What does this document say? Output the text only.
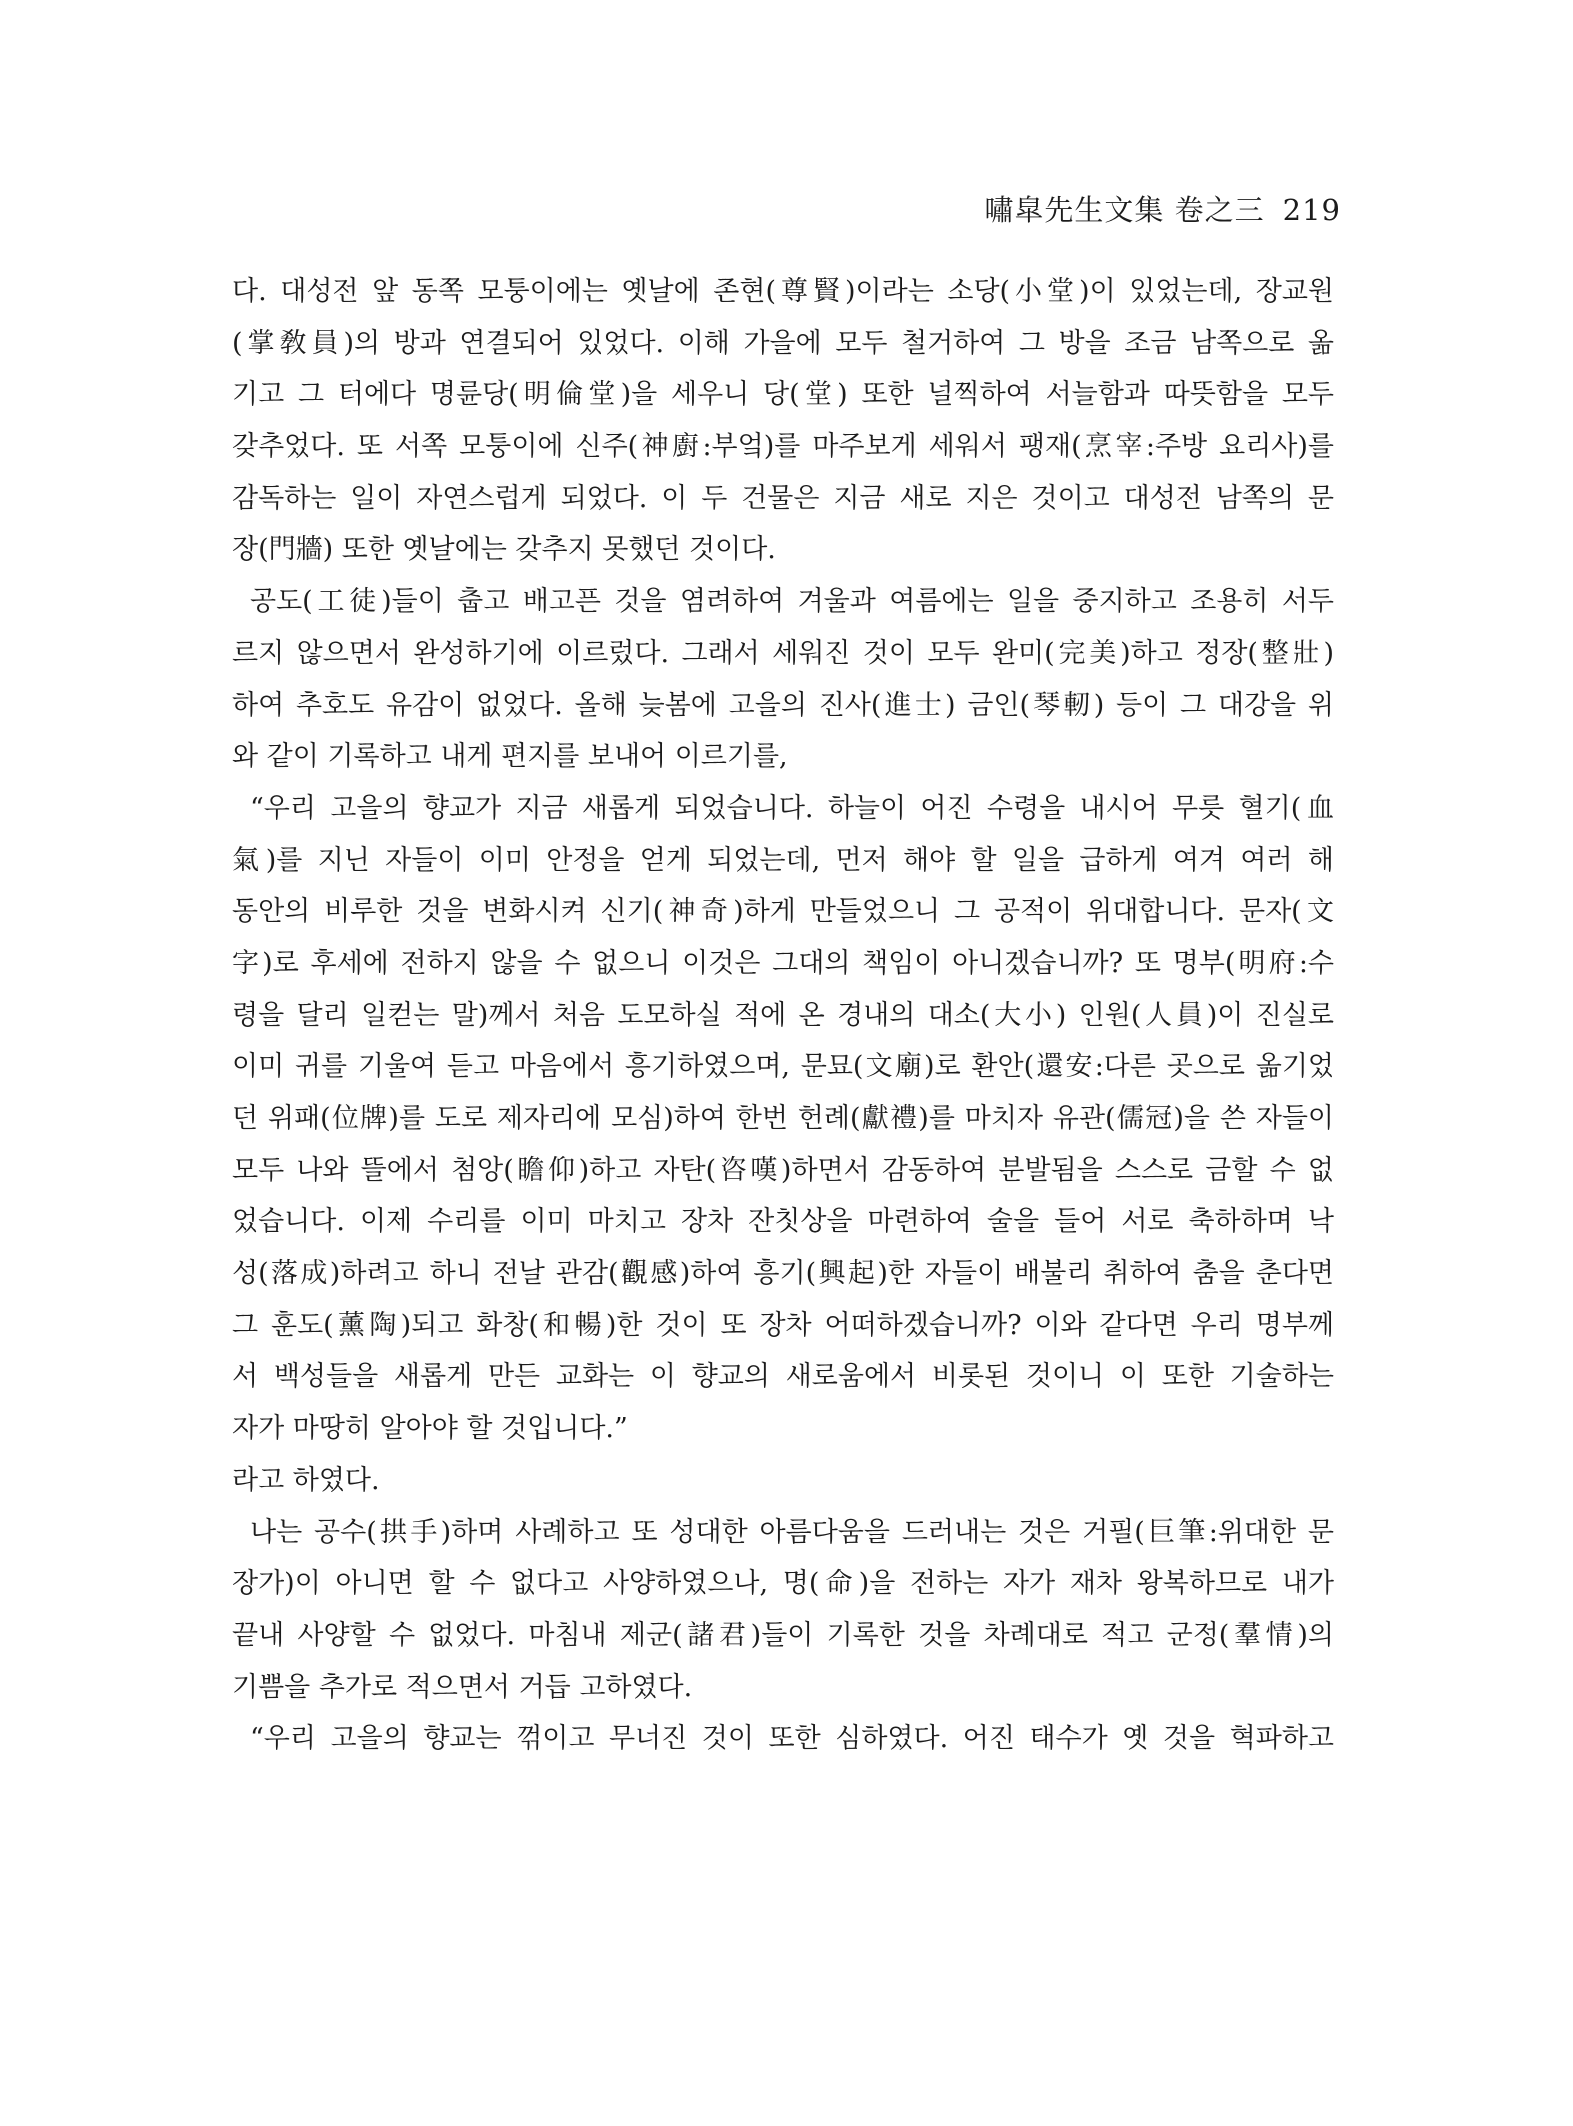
嘯皐先生文集 卷之三 219
다. 대성전 앞 동쪽 모퉁이에는 옛날에 존현(尊賢)이라는 소당(小堂)이 있었는데, 장교원
(掌敎員)의 방과 연결되어 있었다. 이해 가을에 모두 철거하여 그 방을 조금 남쪽으로 옮
기고 그 터에다 명륜당(明倫堂)을 세우니 당(堂) 또한 널찍하여 서늘함과 따뜻함을 모두
갖추었다. 또 서쪽 모퉁이에 신주(神廚:부엌)를 마주보게 세워서 팽재(烹宰:주방 요리사)를
감독하는 일이 자연스럽게 되었다. 이 두 건물은 지금 새로 지은 것이고 대성전 남쪽의 문
장(門牆) 또한 옛날에는 갖추지 못했던 것이다.
공도(工徒)들이 춥고 배고픈 것을 염려하여 겨울과 여름에는 일을 중지하고 조용히 서두
르지 않으면서 완성하기에 이르렀다. 그래서 세워진 것이 모두 완미(完美)하고 정장(整壯)
하여 추호도 유감이 없었다. 올해 늦봄에 고을의 진사(進士) 금인(琴軔) 등이 그 대강을 위
와 같이 기록하고 내게 편지를 보내어 이르기를,
“우리 고을의 향교가 지금 새롭게 되었습니다. 하늘이 어진 수령을 내시어 무릇 혈기(血
氣)를 지닌 자들이 이미 안정을 얻게 되었는데, 먼저 해야 할 일을 급하게 여겨 여러 해
동안의 비루한 것을 변화시켜 신기(神奇)하게 만들었으니 그 공적이 위대합니다. 문자(文
字)로 후세에 전하지 않을 수 없으니 이것은 그대의 책임이 아니겠습니까? 또 명부(明府:수
령을 달리 일컫는 말)께서 처음 도모하실 적에 온 경내의 대소(大小) 인원(人員)이 진실로
이미 귀를 기울여 듣고 마음에서 흥기하였으며, 문묘(文廟)로 환안(還安:다른 곳으로 옮기었
던 위패(位牌)를 도로 제자리에 모심)하여 한번 헌례(獻禮)를 마치자 유관(儒冠)을 쓴 자들이
모두 나와 뜰에서 첨앙(瞻仰)하고 자탄(咨嘆)하면서 감동하여 분발됨을 스스로 금할 수 없
었습니다. 이제 수리를 이미 마치고 장차 잔칫상을 마련하여 술을 들어 서로 축하하며 낙
성(落成)하려고 하니 전날 관감(觀感)하여 흥기(興起)한 자들이 배불리 취하여 춤을 춘다면
그 훈도(薰陶)되고 화창(和暢)한 것이 또 장차 어떠하겠습니까? 이와 같다면 우리 명부께
서 백성들을 새롭게 만든 교화는 이 향교의 새로움에서 비롯된 것이니 이 또한 기술하는
자가 마땅히 알아야 할 것입니다.”
라고 하였다.
나는 공수(拱手)하며 사례하고 또 성대한 아름다움을 드러내는 것은 거필(巨筆:위대한 문
장가)이 아니면 할 수 없다고 사양하였으나, 명(命)을 전하는 자가 재차 왕복하므로 내가
끝내 사양할 수 없었다. 마침내 제군(諸君)들이 기록한 것을 차례대로 적고 군정(羣情)의
기쁨을 추가로 적으면서 거듭 고하였다.
“우리 고을의 향교는 꺾이고 무너진 것이 또한 심하였다. 어진 태수가 옛 것을 혁파하고
